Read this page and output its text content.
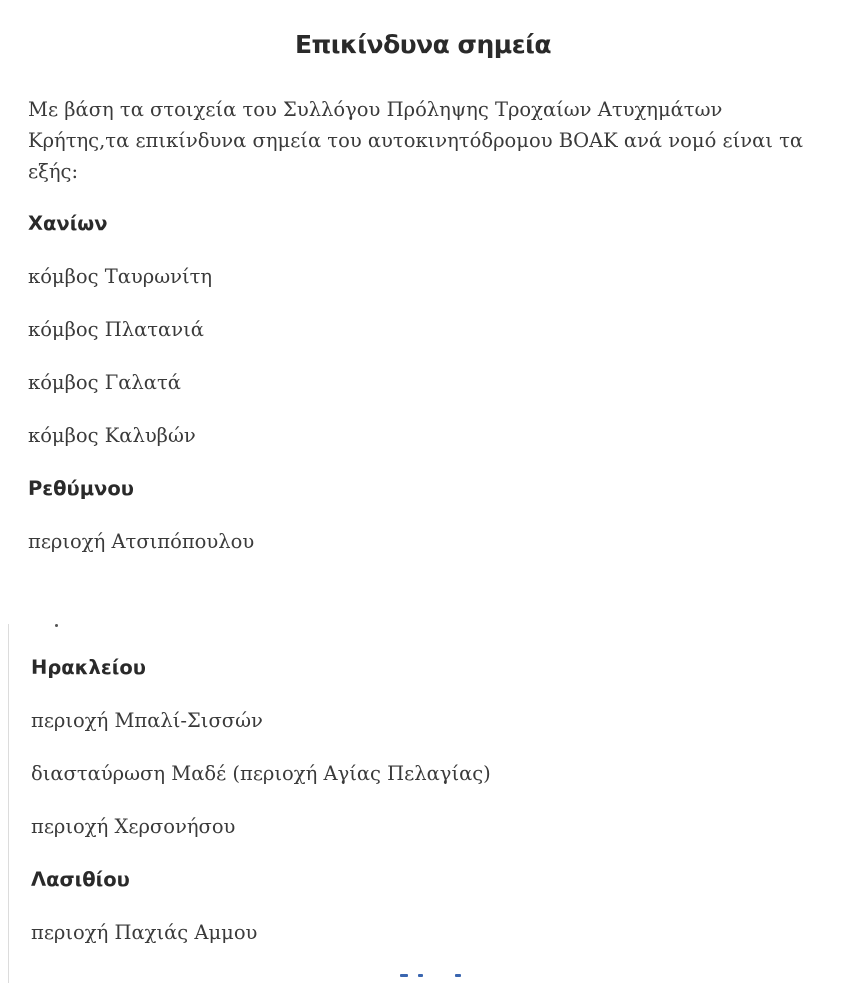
Επικίνδυνα σημεία

Με βάση τα στοιχεία του Συλλόγου Πρόληψης Τροχαίων Ατυχημάτων Κρήτης,τα επικίνδυνα σημεία του αυτοκινητόδρομου ΒΟΑΚ ανά νομό είναι τα εξής:

Χανίων
κόμβος Ταυρωνίτη
κόμβος Πλατανιά
κόμβος Γαλατά
κόμβος Καλυβών
Ρεθύμνου
περιοχή Ατσιπόπουλου
Ηρακλείου
περιοχή Μπαλί-Σισσών
διασταύρωση Μαδέ (περιοχή Αγίας Πελαγίας)
περιοχή Χερσονήσου
Λασιθίου
περιοχή Παχιάς Αμμου
